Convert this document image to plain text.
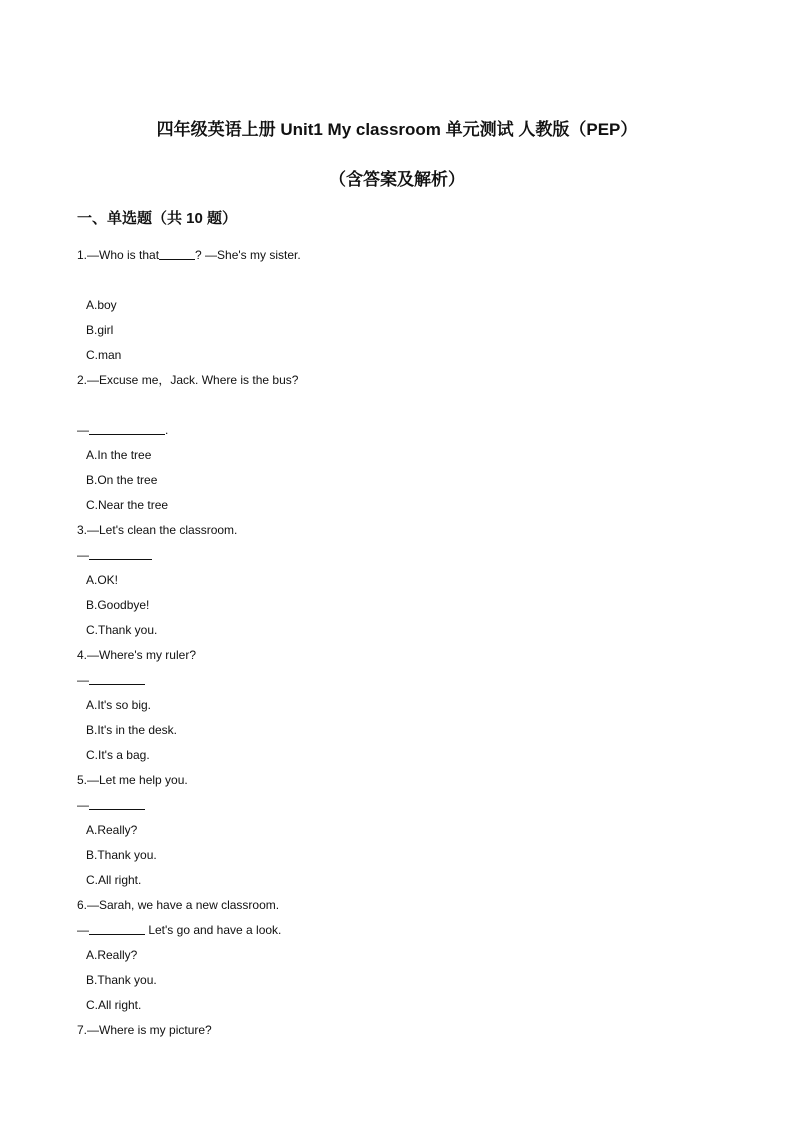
四年级英语上册 Unit1 My classroom 单元测试 人教版（PEP）
（含答案及解析）
一、单选题（共 10 题）
1.—Who is that	? —She's my sister.
A.boy
B.girl
C.man
2.—Excuse me，Jack. Where is the bus?
—	.
A.In the tree
B.On the tree
C.Near the tree
3.—Let's clean the classroom.
—
A.OK!
B.Goodbye!
C.Thank you.
4.—Where's my ruler?
—
A.It's so big.
B.It's in the desk.
C.It's a bag.
5.—Let me help you.
—
A.Really?
B.Thank you.
C.All right.
6.—Sarah, we have a new classroom.
—	Let's go and have a look.
A.Really?
B.Thank you.
C.All right.
7.—Where is my picture?
